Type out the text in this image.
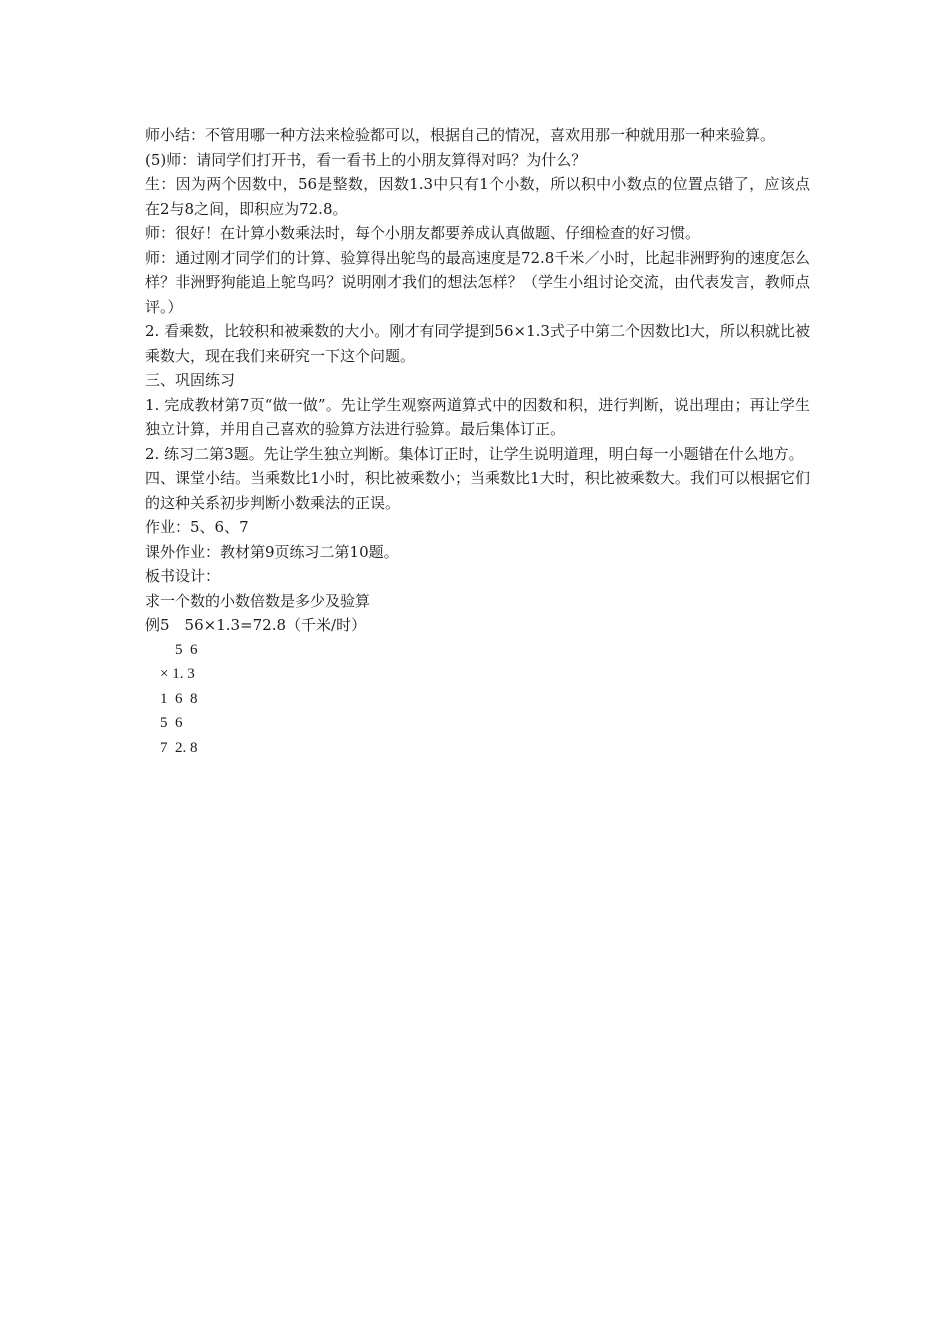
师小结：不管用哪一种方法来检验都可以，根据自己的情况，喜欢用那一种就用那一种来验算。

(5)师：请同学们打开书，看一看书上的小朋友算得对吗？为什么？

生：因为两个因数中，56是整数，因数1.3中只有1个小数，所以积中小数点的位置点错了，应该点在2与8之间，即积应为72.8。

师：很好！在计算小数乘法时，每个小朋友都要养成认真做题、仔细检查的好习惯。

师：通过刚才同学们的计算、验算得出鸵鸟的最高速度是72.8千米／小时，比起非洲野狗的速度怎么样？非洲野狗能追上鸵鸟吗？说明刚才我们的想法怎样？（学生小组讨论交流，由代表发言，教师点评。）

2. 看乘数，比较积和被乘数的大小。刚才有同学提到56×1.3式子中第二个因数比l大，所以积就比被乘数大，现在我们来研究一下这个问题。

三、巩固练习

1. 完成教材第7页“做一做”。先让学生观察两道算式中的因数和积，进行判断，说出理由；再让学生独立计算，并用自己喜欢的验算方法进行验算。最后集体订正。

2. 练习二第3题。先让学生独立判断。集体订正时，让学生说明道理，明白每一小题错在什么地方。

四、课堂小结。当乘数比1小时，积比被乘数小；当乘数比1大时，积比被乘数大。我们可以根据它们的这种关系初步判断小数乘法的正误。

作业：5、6、7

课外作业：教材第9页练习二第10题。

板书设计：

求一个数的小数倍数是多少及验算

例5　56×1.3=72.8（千米/时）

　　5  6

　× 1. 3

　1  6  8

　5  6

　7  2. 8
